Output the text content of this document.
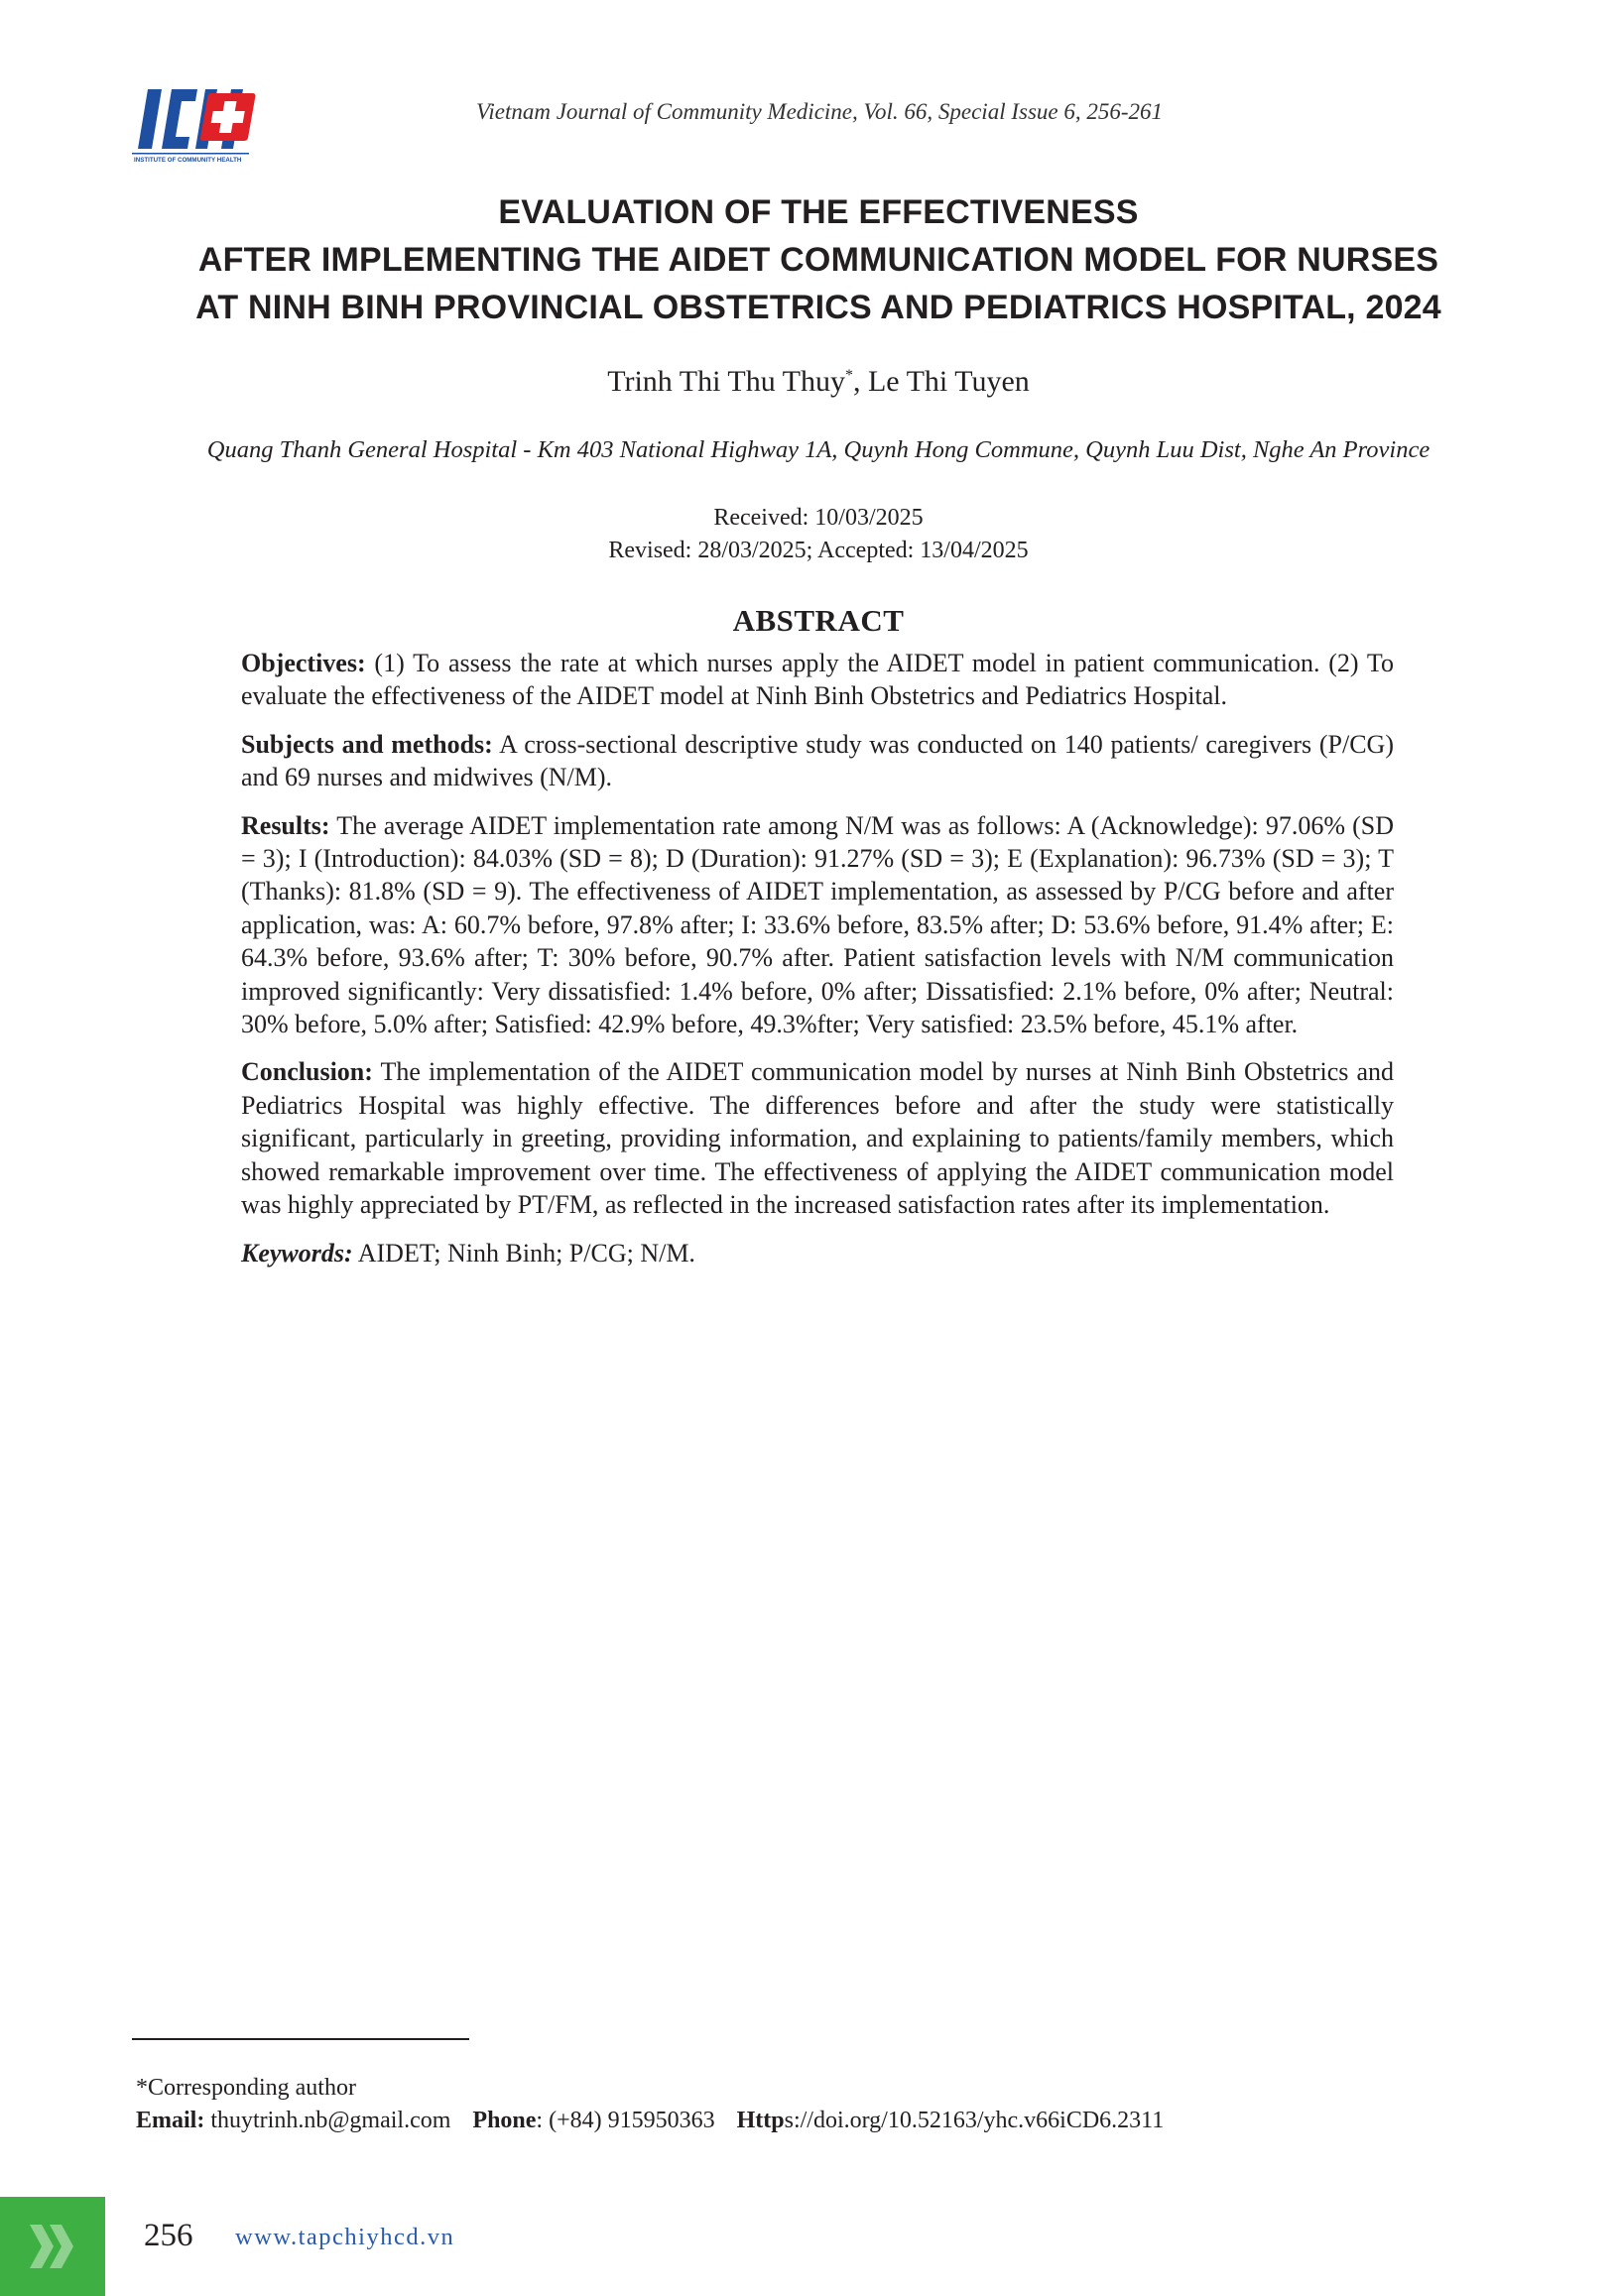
INSTITUTE OF COMMUNITY HEALTH
Vietnam Journal of Community Medicine, Vol. 66, Special Issue 6, 256-261
EVALUATION OF THE EFFECTIVENESS
AFTER IMPLEMENTING THE AIDET COMMUNICATION MODEL FOR NURSES
AT NINH BINH PROVINCIAL OBSTETRICS AND PEDIATRICS HOSPITAL, 2024
Trinh Thi Thu Thuy*, Le Thi Tuyen
Quang Thanh General Hospital - Km 403 National Highway 1A, Quynh Hong Commune, Quynh Luu Dist, Nghe An Province
Received: 10/03/2025
Revised: 28/03/2025; Accepted: 13/04/2025
ABSTRACT

Objectives: (1) To assess the rate at which nurses apply the AIDET model in patient communication. (2) To evaluate the effectiveness of the AIDET model at Ninh Binh Obstetrics and Pediatrics Hospital.

Subjects and methods: A cross-sectional descriptive study was conducted on 140 patients/ caregivers (P/CG) and 69 nurses and midwives (N/M).

Results: The average AIDET implementation rate among N/M was as follows: A (Acknowledge): 97.06% (SD = 3); I (Introduction): 84.03% (SD = 8); D (Duration): 91.27% (SD = 3); E (Explanation): 96.73% (SD = 3); T (Thanks): 81.8% (SD = 9). The effectiveness of AIDET implementation, as assessed by P/CG before and after application, was: A: 60.7% before, 97.8% after; I: 33.6% before, 83.5% after; D: 53.6% before, 91.4% after; E: 64.3% before, 93.6% after; T: 30% before, 90.7% after. Patient satisfaction levels with N/M communication improved significantly: Very dissatisfied: 1.4% before, 0% after; Dissatisfied: 2.1% before, 0% after; Neutral: 30% before, 5.0% after; Satisfied: 42.9% before, 49.3%fter; Very satisfied: 23.5% before, 45.1% after.

Conclusion: The implementation of the AIDET communication model by nurses at Ninh Binh Obstetrics and Pediatrics Hospital was highly effective. The differences before and after the study were statistically significant, particularly in greeting, providing information, and explaining to patients/family members, which showed remarkable improvement over time. The effectiveness of applying the AIDET communication model was highly appreciated by PT/FM, as reflected in the increased satisfaction rates after its implementation.

Keywords: AIDET; Ninh Binh; P/CG; N/M.

*Corresponding author
Email: thuytrinh.nb@gmail.com Phone: (+84) 915950363 Https://doi.org/10.52163/yhc.v66iCD6.2311
256 www.tapchiyhcd.vn
